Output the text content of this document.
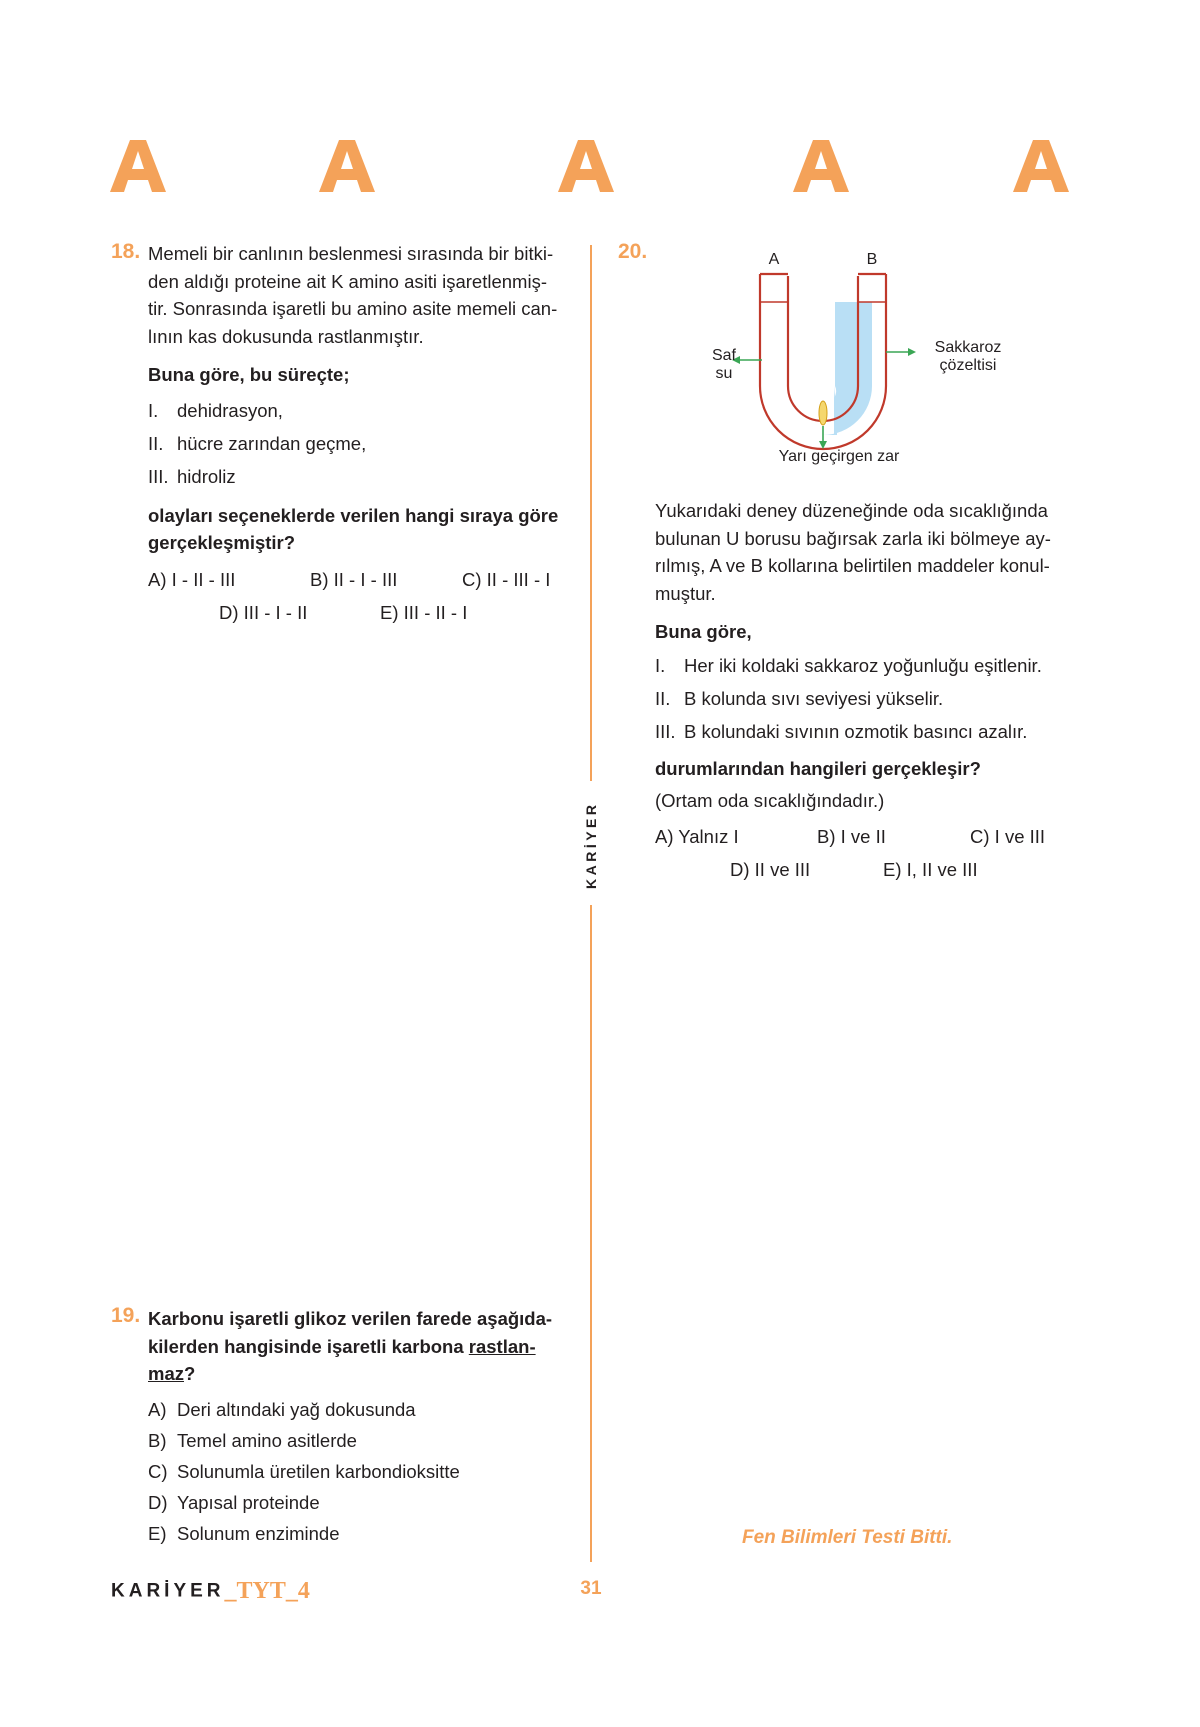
18. Memeli bir canlının beslenmesi sırasında bir bitki-
den aldığı proteine ait K amino asiti işaretlenmiş-
tir. Sonrasında işaretli bu amino asite memeli can-
lının kas dokusunda rastlanmıştır.
Buna göre, bu süreçte;
I. dehidrasyon,
II. hücre zarından geçme,
III. hidroliz
olayları seçeneklerde verilen hangi sıraya göre
gerçekleşmiştir?
A) I - II - III	B) II - I - III	C) II - III - I
D) III - I - II	E) III - II - I
19. Karbonu işaretli glikoz verilen farede aşağıda-
kilerden hangisinde işaretli karbona rastlan-
maz?
A) Deri altındaki yağ dokusunda
B) Temel amino asitlerde
C) Solunumla üretilen karbondioksitte
D) Yapısal proteinde
E) Solunum enziminde
KARİYER
20.	A	B
Saf
su
Sakkaroz
çözeltisi
Yarı geçirgen zar
Yukarıdaki deney düzeneğinde oda sıcaklığında
bulunan U borusu bağırsak zarla iki bölmeye ay-
rılmış, A ve B kollarına belirtilen maddeler konul-
muştur.
Buna göre,
I. Her iki koldaki sakkaroz yoğunluğu eşitlenir.
II. B kolunda sıvı seviyesi yükselir.
III. B kolundaki sıvının ozmotik basıncı azalır.
durumlarından hangileri gerçekleşir?
(Ortam oda sıcaklığındadır.)
A) Yalnız I	B) I ve II	C) I ve III
D) II ve III	E) I, II ve III
Fen Bilimleri Testi Bitti.
KARİYER_TYT_4	31
